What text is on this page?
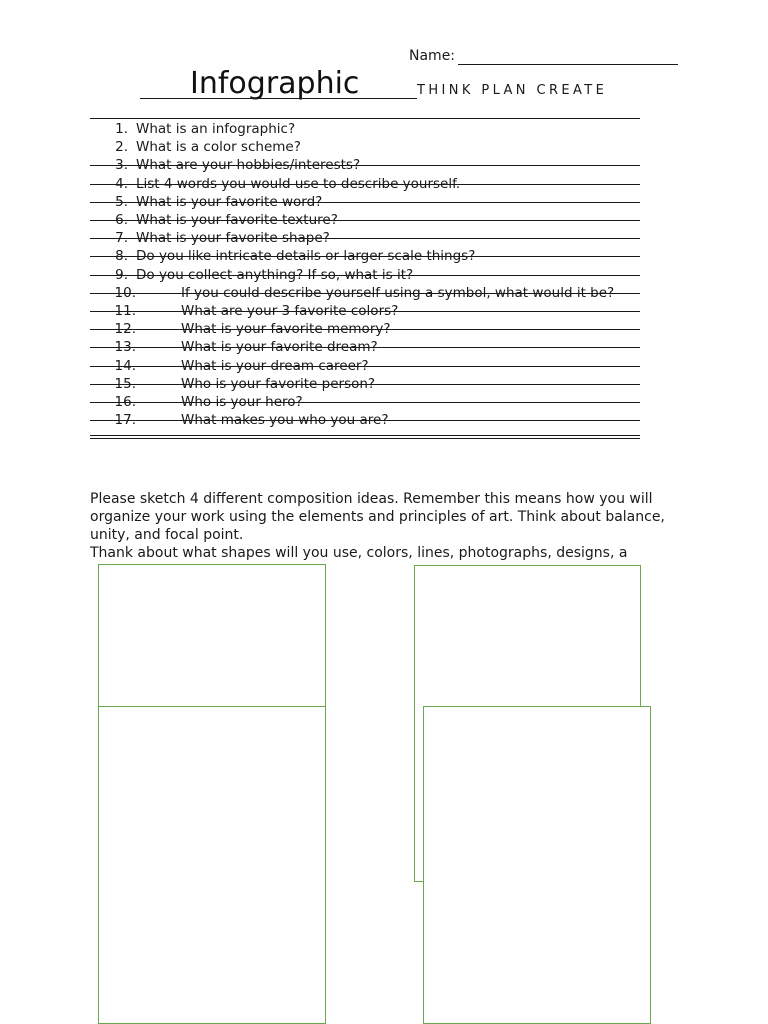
Name:
Infographic	THINK PLAN CREATE
1. What is an infographic?
2. What is a color scheme?
3. What are your hobbies/interests?
4. List 4 words you would use to describe yourself.
5. What is your favorite word?
6. What is your favorite texture?
7. What is your favorite shape?
8. Do you like intricate details or larger scale things?
9. Do you collect anything? If so, what is it?
10.	If you could describe yourself using a symbol, what would it be?
11.	What are your 3 favorite colors?
12.	What is your favorite memory?
13.	What is your favorite dream?
14.	What is your dream career?
15.	Who is your favorite person?
16.	Who is your hero?
17.	What makes you who you are?

Please sketch 4 different composition ideas. Remember this means how you will organize your work using the elements and principles of art. Think about balance, unity, and focal point.

Thank about what shapes will you use, colors, lines, photographs, designs, a
